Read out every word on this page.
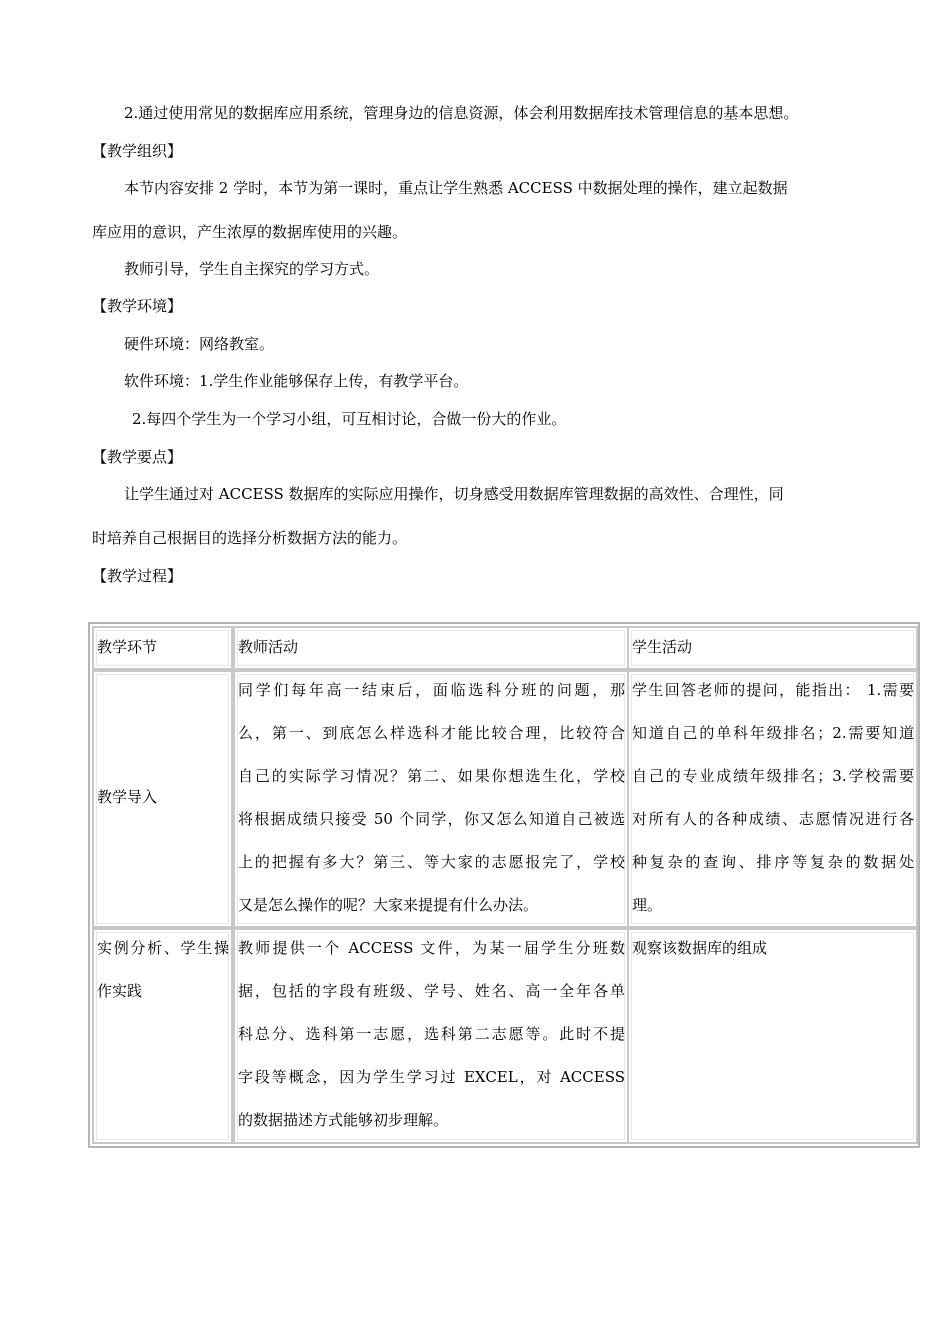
2.通过使用常见的数据库应用系统，管理身边的信息资源，体会利用数据库技术管理信息的基本思想。
【教学组织】
本节内容安排 2 学时，本节为第一课时，重点让学生熟悉 ACCESS 中数据处理的操作，建立起数据
库应用的意识，产生浓厚的数据库使用的兴趣。
教师引导，学生自主探究的学习方式。
【教学环境】
硬件环境：网络教室。
软件环境：1.学生作业能够保存上传，有教学平台。
2.每四个学生为一个学习小组，可互相讨论，合做一份大的作业。
【教学要点】
让学生通过对 ACCESS 数据库的实际应用操作，切身感受用数据库管理数据的高效性、合理性，同
时培养自己根据目的选择分析数据方法的能力。
【教学过程】
教学环节	教师活动	学生活动
教学导入
同学们每年高一结束后，面临选科分班的问题，那
么，第一、到底怎么样选科才能比较合理，比较符合
自己的实际学习情况？第二、如果你想选生化，学校
将根据成绩只接受 50 个同学，你又怎么知道自己被选
上的把握有多大？第三、等大家的志愿报完了，学校
又是怎么操作的呢？大家来提提有什么办法。
学生回答老师的提问，能指出： 1.需要
知道自己的单科年级排名；2.需要知道
自己的专业成绩年级排名；3.学校需要
对所有人的各种成绩、志愿情况进行各
种复杂的查询、排序等复杂的数据处
理。
实例分析、学生操
作实践
教师提供一个 ACCESS 文件，为某一届学生分班数
据，包括的字段有班级、学号、姓名、高一全年各单
科总分、选科第一志愿，选科第二志愿等。此时不提
字段等概念，因为学生学习过 EXCEL，对 ACCESS
的数据描述方式能够初步理解。
观察该数据库的组成
